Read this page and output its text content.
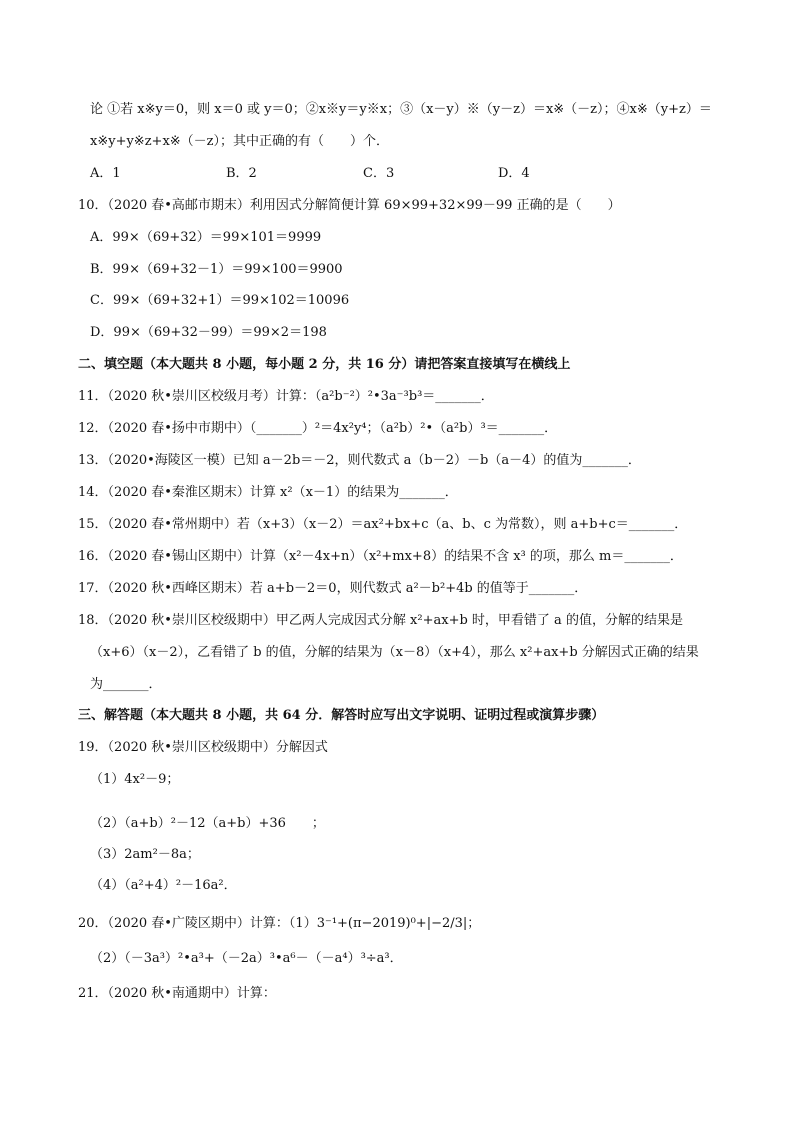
论 ①若 x※y＝0，则 x＝0 或 y＝0；②x※y＝y※x；③（x－y）※（y－z）＝x※（－z）；④x※（y+z）＝
x※y+y※z+x※（－z）；其中正确的有（　　）个．
A．1	B．2	C．3	D．4
10．（2020 春•高邮市期末）利用因式分解简便计算 69×99+32×99－99 正确的是（　　）
A．99×（69+32）＝99×101＝9999
B．99×（69+32－1）＝99×100＝9900
C．99×（69+32+1）＝99×102＝10096
D．99×（69+32－99）＝99×2＝198
二、填空题（本大题共 8 小题，每小题 2 分，共 16 分）请把答案直接填写在横线上
11．（2020 秋•崇川区校级月考）计算：（a²b⁻²）²•3a⁻³b³＝_______．
12．（2020 春•扬中市期中）（_______）²＝4x²y⁴；（a²b）²•（a²b）³＝_______．
13．（2020•海陵区一模）已知 a－2b＝－2，则代数式 a（b－2）－b（a－4）的值为_______．
14．（2020 春•秦淮区期末）计算 x²（x－1）的结果为_______．
15．（2020 春•常州期中）若（x+3）（x－2）＝ax²+bx+c（a、b、c 为常数），则 a+b+c＝_______．
16．（2020 春•锡山区期中）计算（x²－4x+n）（x²+mx+8）的结果不含 x³ 的项，那么 m＝_______．
17．（2020 秋•西峰区期末）若 a+b－2＝0，则代数式 a²－b²+4b 的值等于_______．
18．（2020 秋•崇川区校级期中）甲乙两人完成因式分解 x²+ax+b 时，甲看错了 a 的值，分解的结果是
（x+6）（x－2），乙看错了 b 的值，分解的结果为（x－8）（x+4），那么 x²+ax+b 分解因式正确的结果
为_______．
三、解答题（本大题共 8 小题，共 64 分．解答时应写出文字说明、证明过程或演算步骤）
19．（2020 秋•崇川区校级期中）分解因式
（1）4x²－9；
（2）（a+b）²－12（a+b）+36　　；
（3）2am²－8a；
（4）（a²+4）²－16a²．
20．（2020 春•广陵区期中）计算：（1）3⁻¹+(π−2019)⁰+|−2/3|；
（2）（－3a³）²•a³+（－2a）³•a⁶－（－a⁴）³÷a³．
21．（2020 秋•南通期中）计算：
